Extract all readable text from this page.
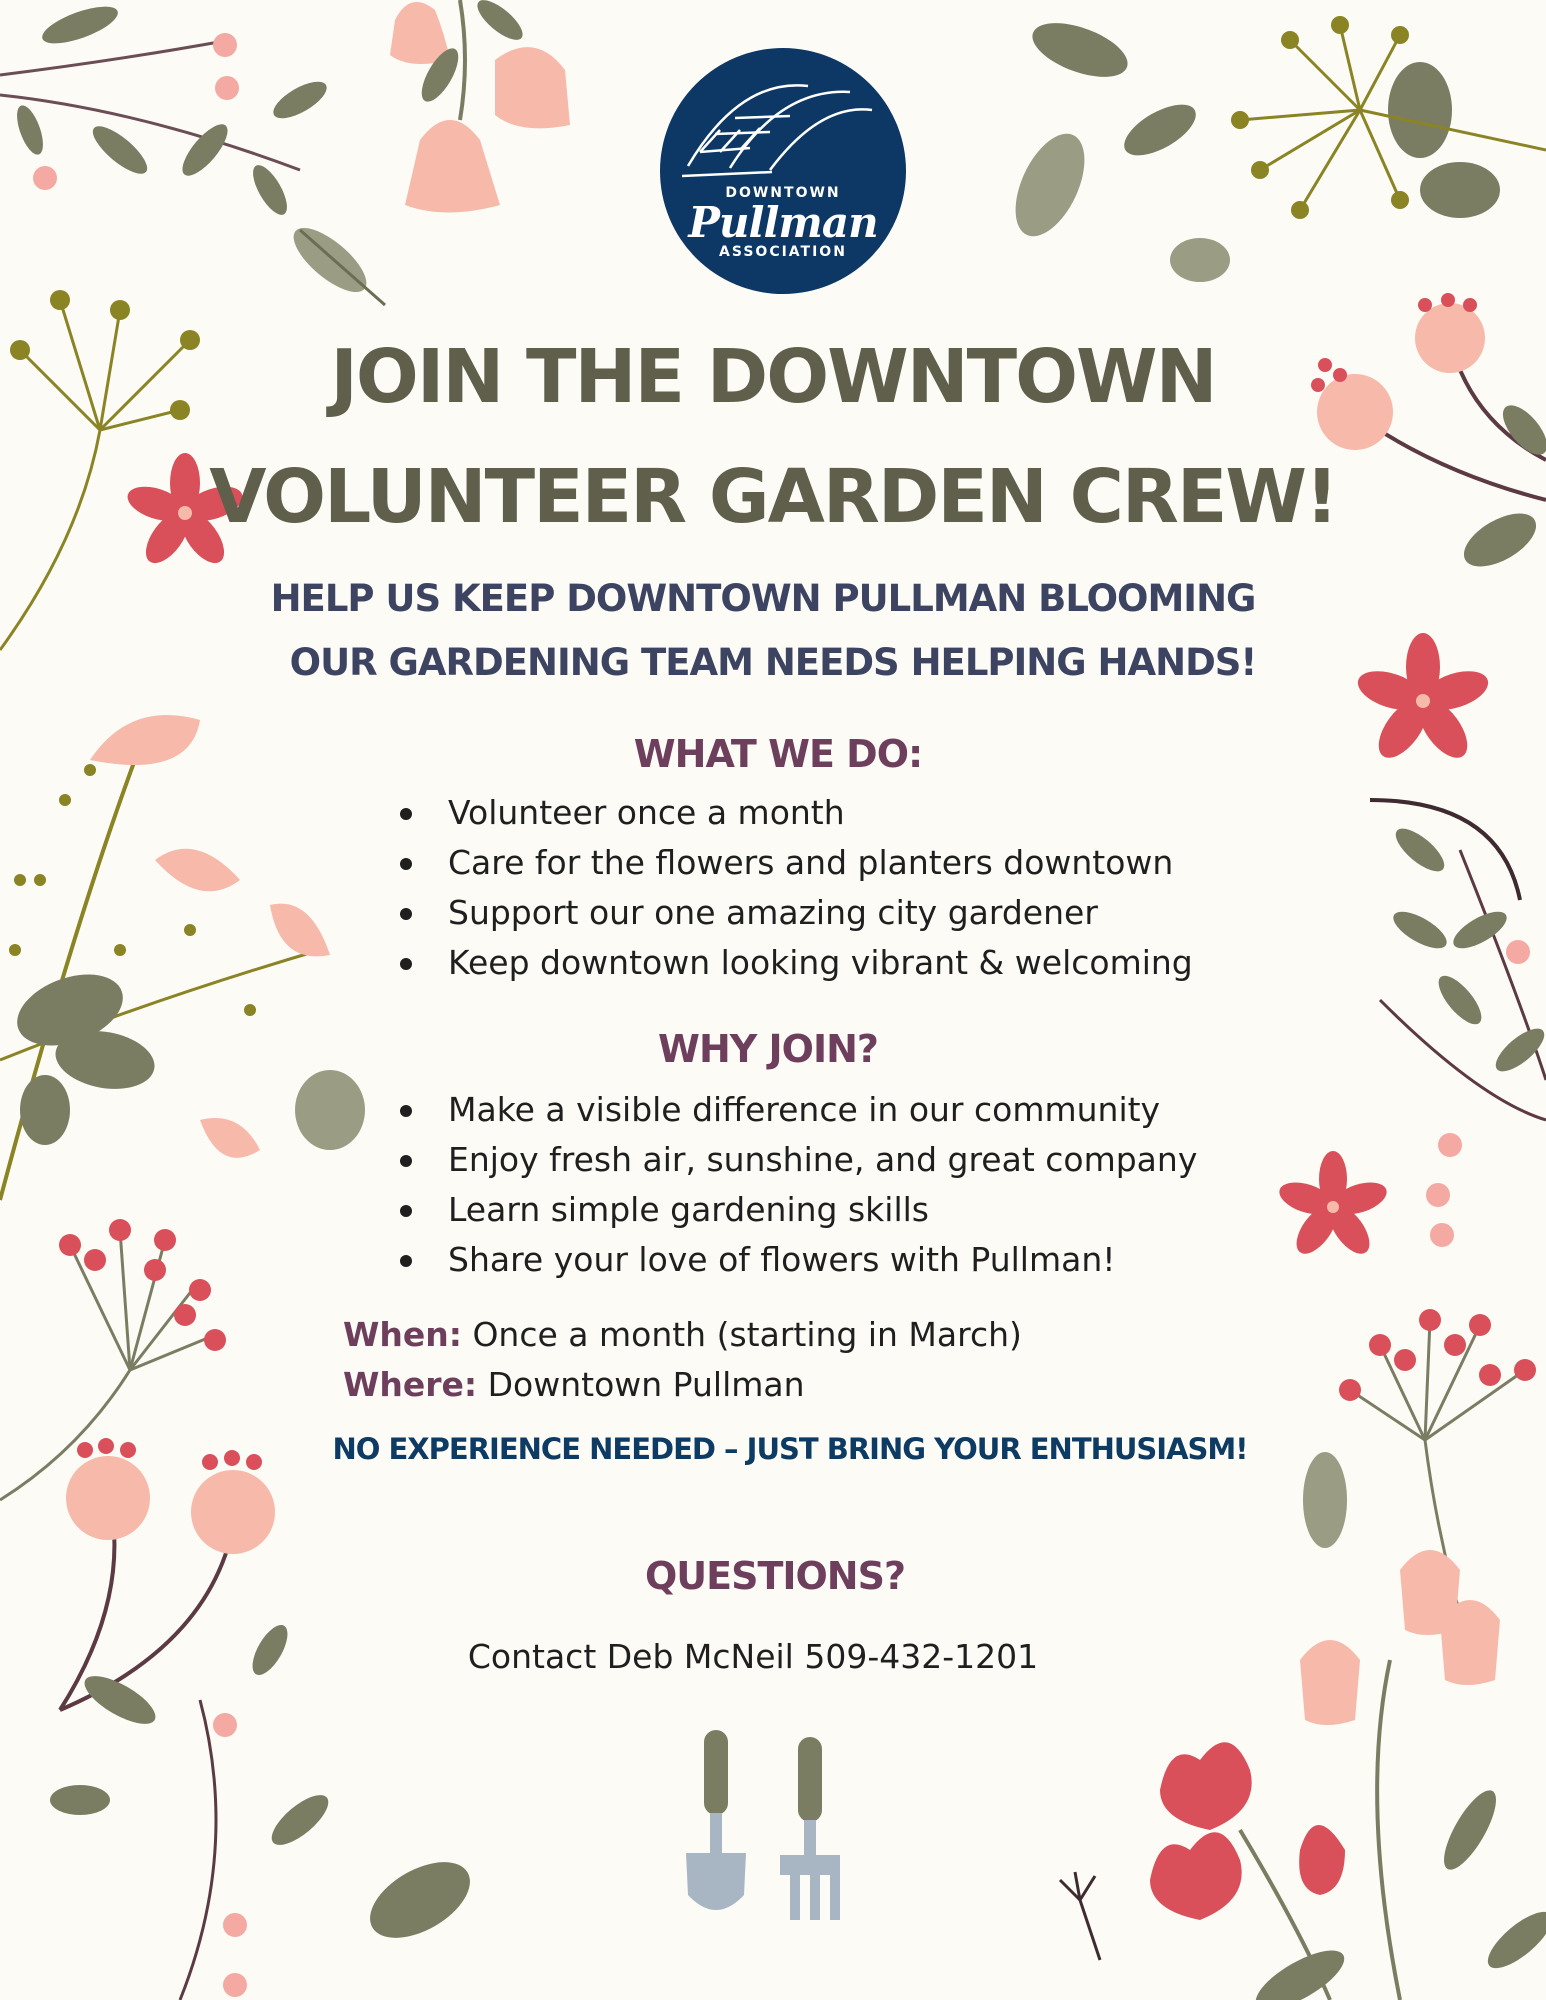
DOWNTOWN
Pullman
ASSOCIATION
JOIN THE DOWNTOWN
VOLUNTEER GARDEN CREW!
HELP US KEEP DOWNTOWN PULLMAN BLOOMING
OUR GARDENING TEAM NEEDS HELPING HANDS!
WHAT WE DO:
Volunteer once a month
Care for the flowers and planters downtown
Support our one amazing city gardener
Keep downtown looking vibrant & welcoming
WHY JOIN?
Make a visible difference in our community
Enjoy fresh air, sunshine, and great company
Learn simple gardening skills
Share your love of flowers with Pullman!
When: Once a month (starting in March)
Where: Downtown Pullman
NO EXPERIENCE NEEDED – JUST BRING YOUR ENTHUSIASM!
QUESTIONS?
Contact Deb McNeil 509-432-1201
